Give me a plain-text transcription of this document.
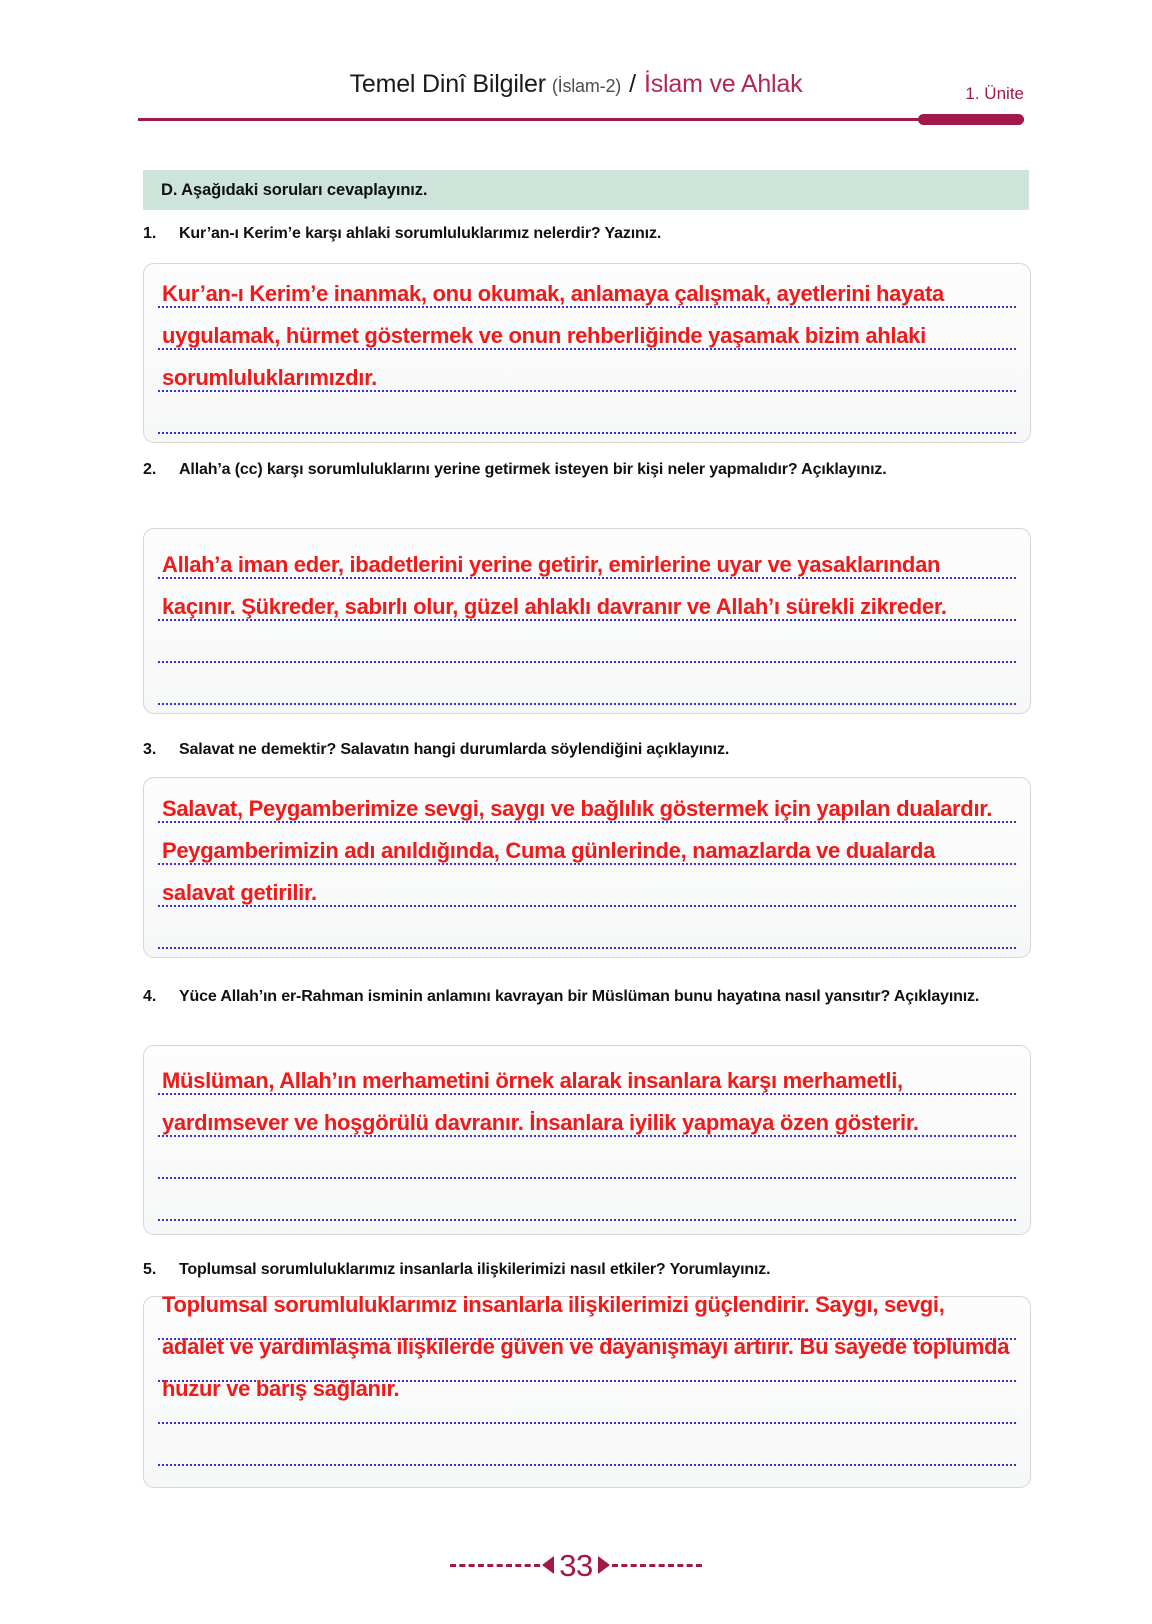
Temel Dinî Bilgiler (İslam-2) / İslam ve Ahlak	1. Ünite
D. Aşağıdaki soruları cevaplayınız.
1.	Kur’an-ı Kerim’e karşı ahlaki sorumluluklarımız nelerdir? Yazınız.
Kur’an-ı Kerim’e inanmak, onu okumak, anlamaya çalışmak, ayetlerini hayata uygulamak, hürmet göstermek ve onun rehberliğinde yaşamak bizim ahlaki sorumluluklarımızdır.
2.	Allah’a (cc) karşı sorumluluklarını yerine getirmek isteyen bir kişi neler yapmalıdır? Açıklayınız.
Allah’a iman eder, ibadetlerini yerine getirir, emirlerine uyar ve yasaklarından kaçınır. Şükreder, sabırlı olur, güzel ahlaklı davranır ve Allah’ı sürekli zikreder.
3.	Salavat ne demektir? Salavatın hangi durumlarda söylendiğini açıklayınız.
Salavat, Peygamberimize sevgi, saygı ve bağlılık göstermek için yapılan dualardır. Peygamberimizin adı anıldığında, Cuma günlerinde, namazlarda ve dualarda salavat getirilir.
4.	Yüce Allah’ın er-Rahman isminin anlamını kavrayan bir Müslüman bunu hayatına nasıl yansıtır? Açıklayınız.
Müslüman, Allah’ın merhametini örnek alarak insanlara karşı merhametli, yardımsever ve hoşgörülü davranır. İnsanlara iyilik yapmaya özen gösterir.
5.	Toplumsal sorumluluklarımız insanlarla ilişkilerimizi nasıl etkiler? Yorumlayınız.
Toplumsal sorumluluklarımız insanlarla ilişkilerimizi güçlendirir. Saygı, sevgi, adalet ve yardımlaşma ilişkilerde güven ve dayanışmayı artırır. Bu sayede toplumda huzur ve barış sağlanır.
33
